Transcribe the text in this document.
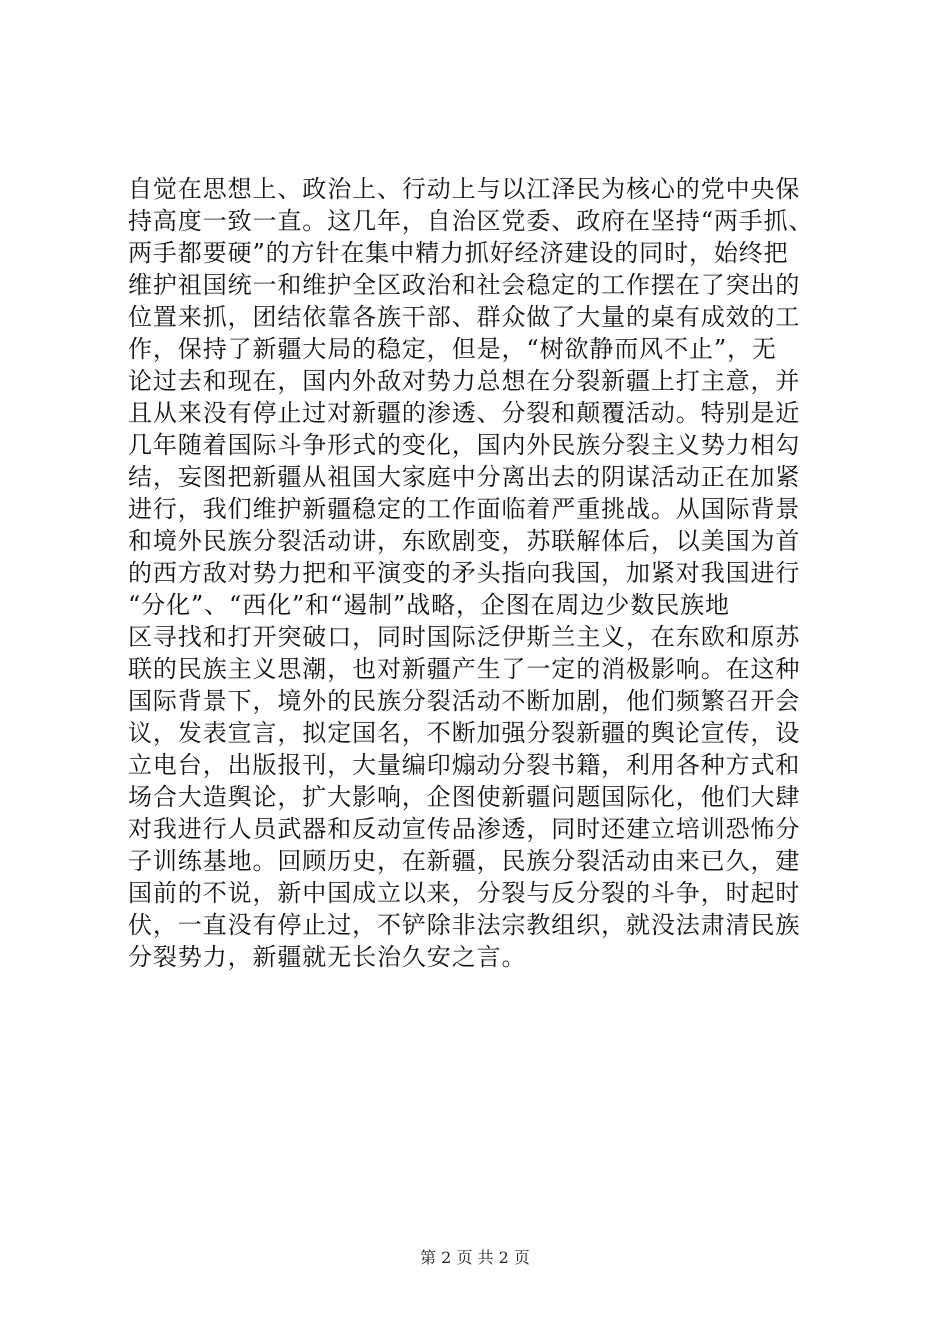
自觉在思想上、政治上、行动上与以江泽民为核心的党中央保
持高度一致一直。这几年，自治区党委、政府在坚持“两手抓、
两手都要硬”的方针在集中精力抓好经济建设的同时，始终把
维护祖国统一和维护全区政治和社会稳定的工作摆在了突出的
位置来抓，团结依靠各族干部、群众做了大量的桌有成效的工
作，保持了新疆大局的稳定，但是，“树欲静而风不止”，无
论过去和现在，国内外敌对势力总想在分裂新疆上打主意，并
且从来没有停止过对新疆的渗透、分裂和颠覆活动。特别是近
几年随着国际斗争形式的变化，国内外民族分裂主义势力相勾
结，妄图把新疆从祖国大家庭中分离出去的阴谋活动正在加紧
进行，我们维护新疆稳定的工作面临着严重挑战。从国际背景
和境外民族分裂活动讲，东欧剧变，苏联解体后，以美国为首
的西方敌对势力把和平演变的矛头指向我国，加紧对我国进行
“分化”、“西化”和“遏制”战略，企图在周边少数民族地
区寻找和打开突破口，同时国际泛伊斯兰主义，在东欧和原苏
联的民族主义思潮，也对新疆产生了一定的消极影响。在这种
国际背景下，境外的民族分裂活动不断加剧，他们频繁召开会
议，发表宣言，拟定国名，不断加强分裂新疆的舆论宣传，设
立电台，出版报刊，大量编印煽动分裂书籍，利用各种方式和
场合大造舆论，扩大影响，企图使新疆问题国际化，他们大肆
对我进行人员武器和反动宣传品渗透，同时还建立培训恐怖分
子训练基地。回顾历史，在新疆，民族分裂活动由来已久，建
国前的不说，新中国成立以来，分裂与反分裂的斗争，时起时
伏，一直没有停止过，不铲除非法宗教组织，就没法肃清民族
分裂势力，新疆就无长治久安之言。
第 2 页 共 2 页
